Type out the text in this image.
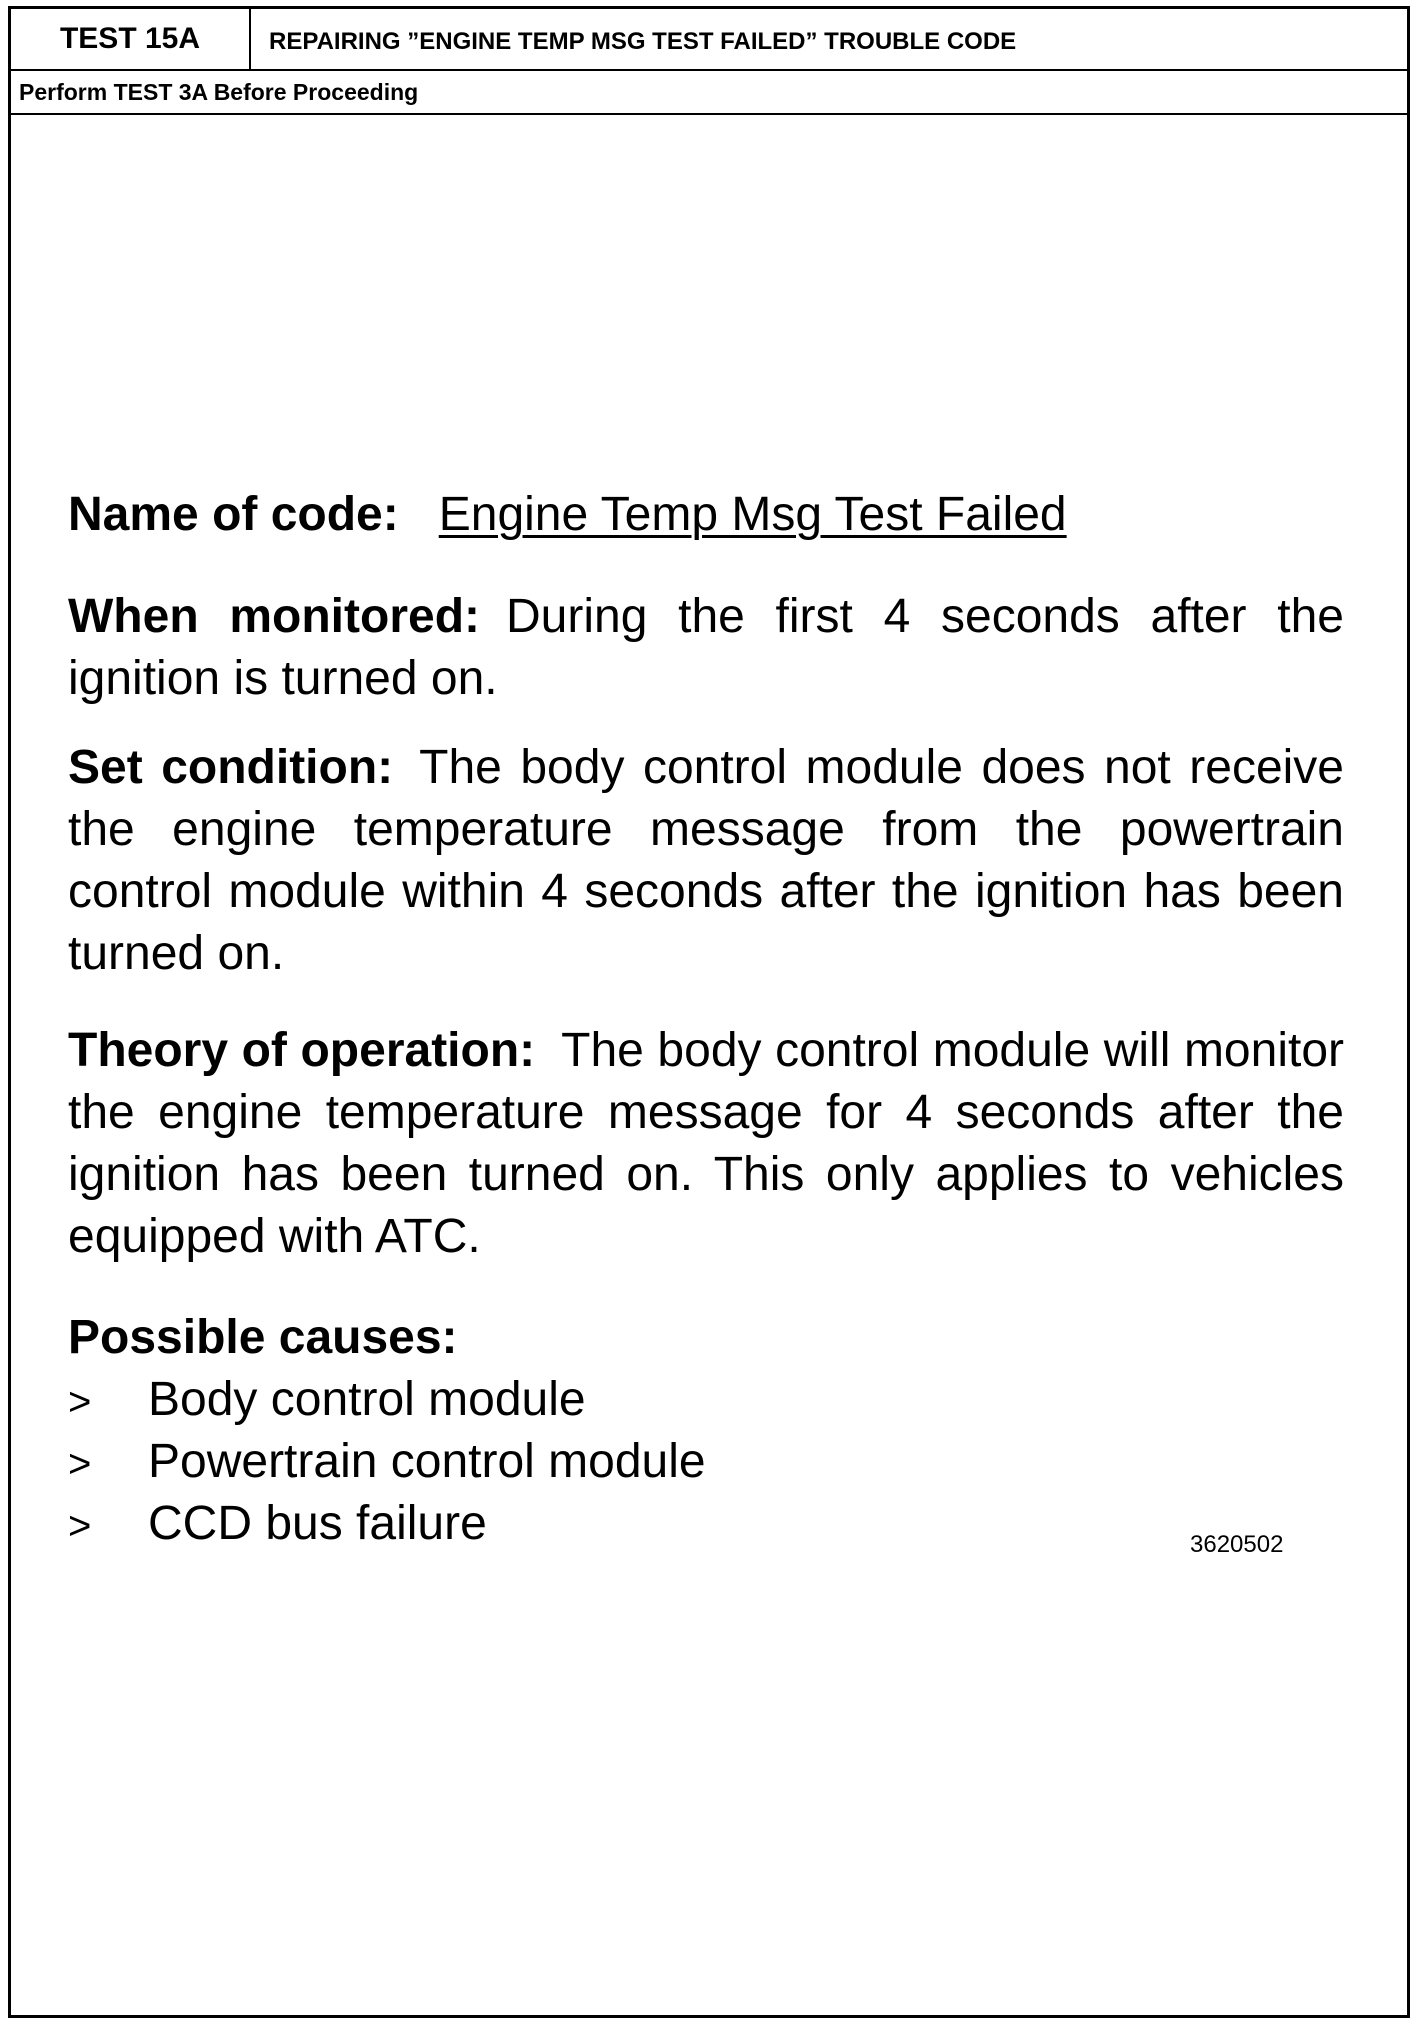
TEST 15A	REPAIRING ”ENGINE TEMP MSG TEST FAILED” TROUBLE CODE
Perform TEST 3A Before Proceeding
Name of code: Engine Temp Msg Test Failed
When monitored: During the first 4 seconds after the ignition is turned on.
Set condition: The body control module does not receive the engine temperature message from the powertrain control module within 4 seconds after the ignition has been turned on.
Theory of operation: The body control module will monitor the engine temperature message for 4 seconds after the ignition has been turned on. This only applies to vehicles equipped with ATC.
Possible causes:
> Body control module
> Powertrain control module
> CCD bus failure	3620502
